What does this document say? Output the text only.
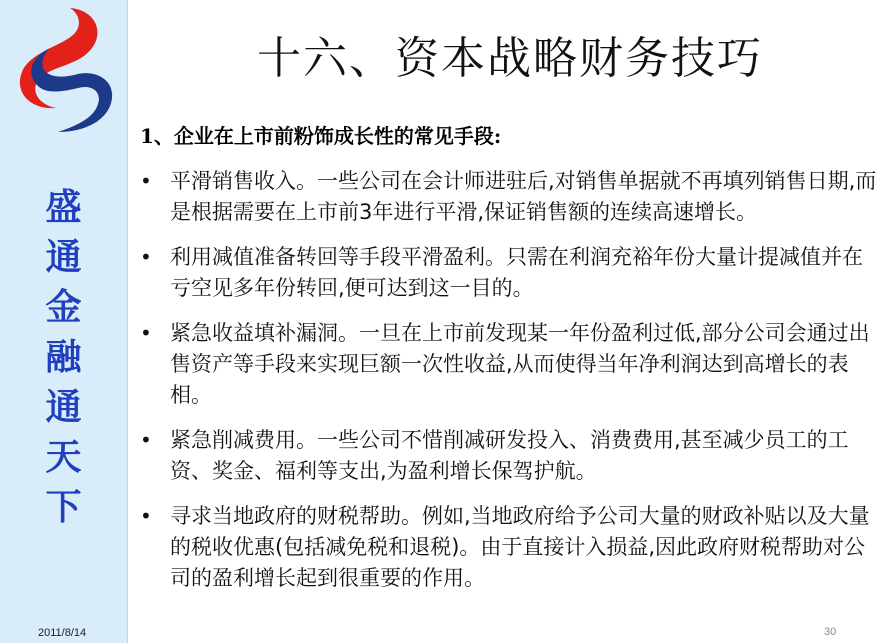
盛
通
金
融
通
天
下
十六、资本战略财务技巧
1、企业在上市前粉饰成长性的常见手段:
• 平滑销售收入。一些公司在会计师进驻后,对销售单据就不再填列销售日期,而是根据需要在上市前3年进行平滑,保证销售额的连续高速增长。
• 利用减值准备转回等手段平滑盈利。只需在利润充裕年份大量计提减值并在亏空见多年份转回,便可达到这一目的。
• 紧急收益填补漏洞。一旦在上市前发现某一年份盈利过低,部分公司会通过出售资产等手段来实现巨额一次性收益,从而使得当年净利润达到高增长的表相。
• 紧急削减费用。一些公司不惜削减研发投入、消费费用,甚至减少员工的工资、奖金、福利等支出,为盈利增长保驾护航。
• 寻求当地政府的财税帮助。例如,当地政府给予公司大量的财政补贴以及大量的税收优惠(包括减免税和退税)。由于直接计入损益,因此政府财税帮助对公司的盈利增长起到很重要的作用。
2011/8/14	30
